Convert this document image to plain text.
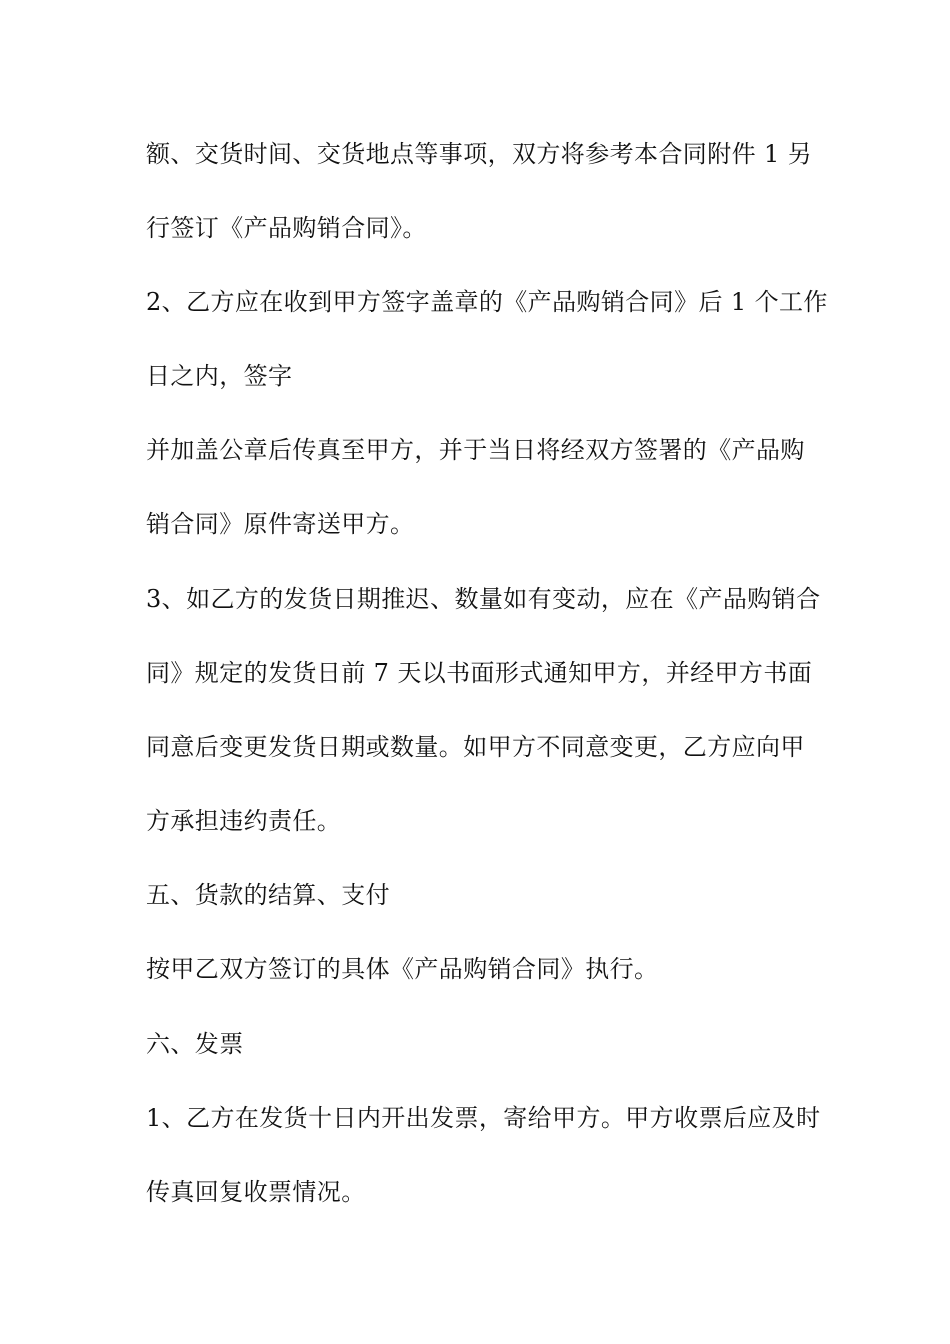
额、交货时间、交货地点等事项，双方将参考本合同附件 1 另
行签订《产品购销合同》。
2、乙方应在收到甲方签字盖章的《产品购销合同》后 1 个工作
日之内，签字
并加盖公章后传真至甲方，并于当日将经双方签署的《产品购
销合同》原件寄送甲方。
3、如乙方的发货日期推迟、数量如有变动，应在《产品购销合
同》规定的发货日前 7 天以书面形式通知甲方，并经甲方书面
同意后变更发货日期或数量。如甲方不同意变更，乙方应向甲
方承担违约责任。
五、货款的结算、支付
按甲乙双方签订的具体《产品购销合同》执行。
六、发票
1、乙方在发货十日内开出发票，寄给甲方。甲方收票后应及时
传真回复收票情况。
